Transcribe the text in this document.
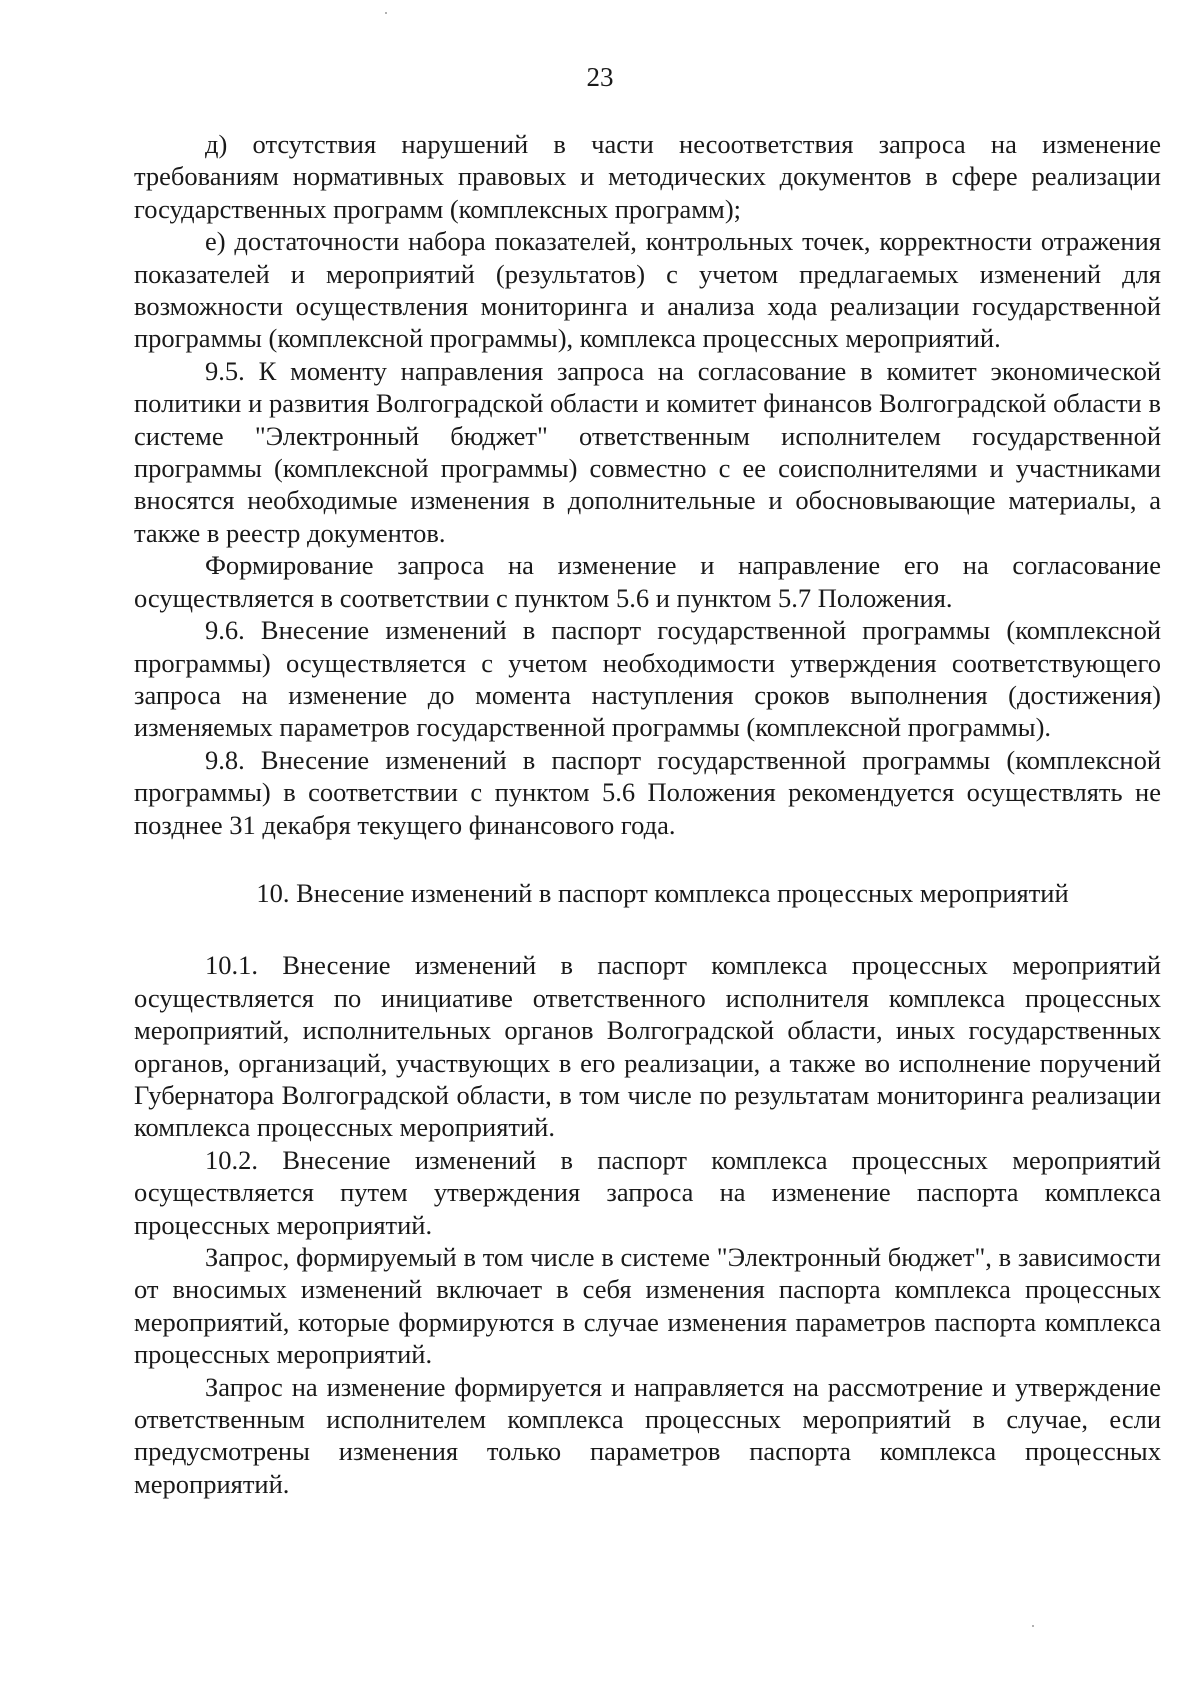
23

д) отсутствия нарушений в части несоответствия запроса на изменение требованиям нормативных правовых и методических документов в сфере реализации государственных программ (комплексных программ);

е) достаточности набора показателей, контрольных точек, корректности отражения показателей и мероприятий (результатов) с учетом предлагаемых изменений для возможности осуществления мониторинга и анализа хода реализации государственной программы (комплексной программы), комплекса процессных мероприятий.

9.5. К моменту направления запроса на согласование в комитет экономической политики и развития Волгоградской области и комитет финансов Волгоградской области в системе "Электронный бюджет" ответственным исполнителем государственной программы (комплексной программы) совместно с ее соисполнителями и участниками вносятся необходимые изменения в дополнительные и обосновывающие материалы, а также в реестр документов.

Формирование запроса на изменение и направление его на согласование осуществляется в соответствии с пунктом 5.6 и пунктом 5.7 Положения.

9.6. Внесение изменений в паспорт государственной программы (комплексной программы) осуществляется с учетом необходимости утверждения соответствующего запроса на изменение до момента наступления сроков выполнения (достижения) изменяемых параметров государственной программы (комплексной программы).

9.8. Внесение изменений в паспорт государственной программы (комплексной программы) в соответствии с пунктом 5.6 Положения рекомендуется осуществлять не позднее 31 декабря текущего финансового года.

10. Внесение изменений в паспорт комплекса процессных мероприятий

10.1. Внесение изменений в паспорт комплекса процессных мероприятий осуществляется по инициативе ответственного исполнителя комплекса процессных мероприятий, исполнительных органов Волгоградской области, иных государственных органов, организаций, участвующих в его реализации, а также во исполнение поручений Губернатора Волгоградской области, в том числе по результатам мониторинга реализации комплекса процессных мероприятий.

10.2. Внесение изменений в паспорт комплекса процессных мероприятий осуществляется путем утверждения запроса на изменение паспорта комплекса процессных мероприятий.

Запрос, формируемый в том числе в системе "Электронный бюджет", в зависимости от вносимых изменений включает в себя изменения паспорта комплекса процессных мероприятий, которые формируются в случае изменения параметров паспорта комплекса процессных мероприятий.

Запрос на изменение формируется и направляется на рассмотрение и утверждение ответственным исполнителем комплекса процессных мероприятий в случае, если предусмотрены изменения только параметров паспорта комплекса процессных мероприятий.
